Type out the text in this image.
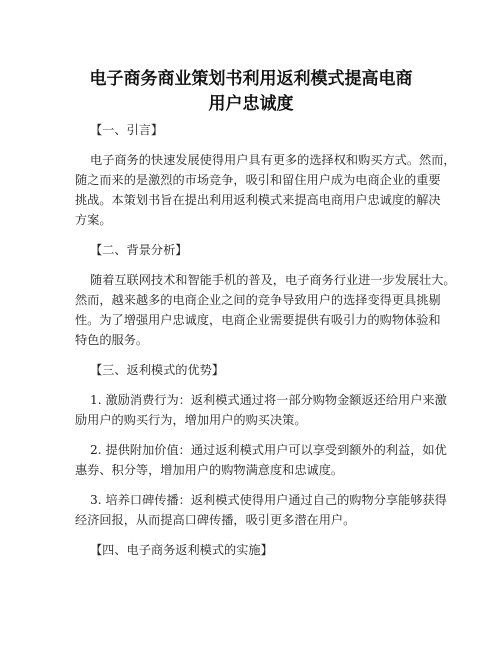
电子商务商业策划书利用返利模式提高电商
用户忠诚度
【一、引言】
电子商务的快速发展使得用户具有更多的选择权和购买方式。然而，
随之而来的是激烈的市场竞争，吸引和留住用户成为电商企业的重要
挑战。本策划书旨在提出利用返利模式来提高电商用户忠诚度的解决
方案。
【二、背景分析】
随着互联网技术和智能手机的普及，电子商务行业进一步发展壮大。
然而，越来越多的电商企业之间的竞争导致用户的选择变得更具挑剔
性。为了增强用户忠诚度，电商企业需要提供有吸引力的购物体验和
特色的服务。
【三、返利模式的优势】
1. 激励消费行为：返利模式通过将一部分购物金额返还给用户来激
励用户的购买行为，增加用户的购买决策。
2. 提供附加价值：通过返利模式用户可以享受到额外的利益，如优
惠券、积分等，增加用户的购物满意度和忠诚度。
3. 培养口碑传播：返利模式使得用户通过自己的购物分享能够获得
经济回报，从而提高口碑传播，吸引更多潜在用户。
【四、电子商务返利模式的实施】
